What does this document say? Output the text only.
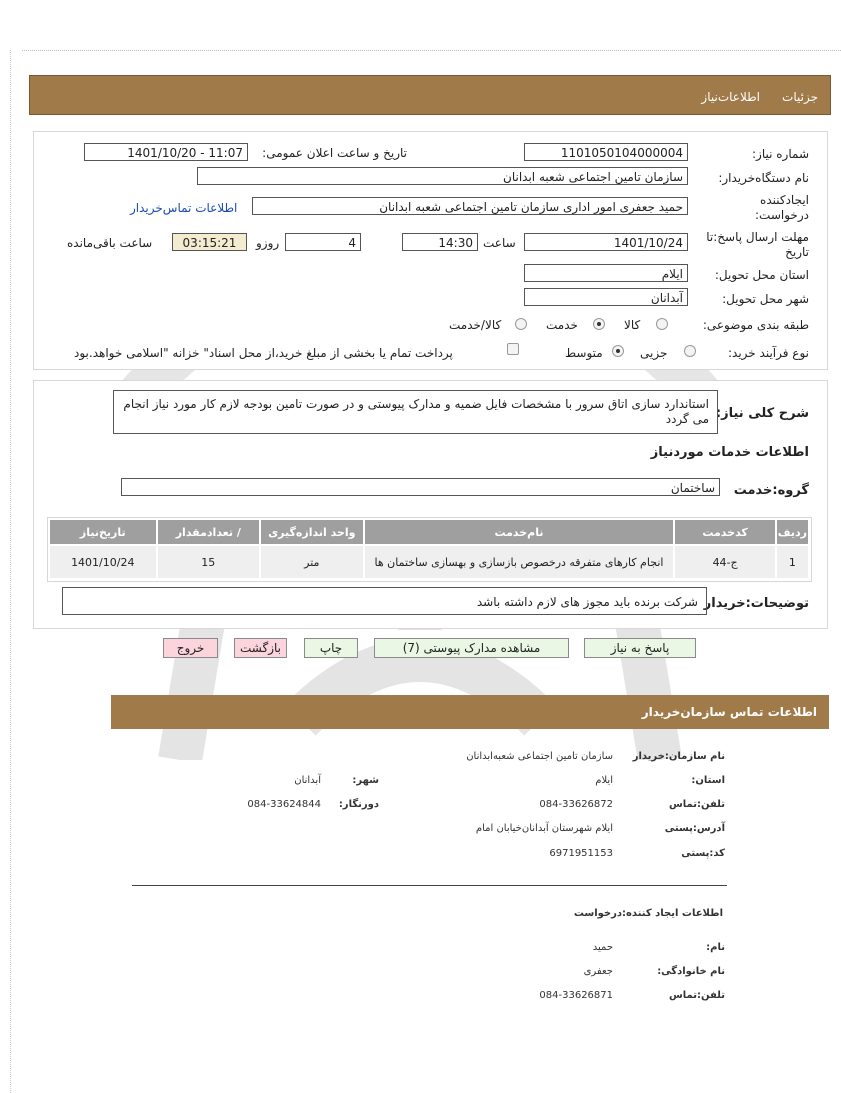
جزئیات
اطلاعات‌نیاز
شماره نیاز:
1101050104000004
تاریخ و ساعت اعلان عمومی:
1401/10/20 - 11:07
نام دستگاه‌خریدار:
سازمان تامین اجتماعی شعبه ابدانان
ایجادکننده
درخواست:
حمید جعفری امور اداری سازمان تامین اجتماعی شعبه ابدانان
اطلاعات تماس‌خریدار
مهلت ارسال پاسخ:تا تاریخ
1401/10/24
ساعت
14:30
4
روزو
03:15:21
ساعت باقی‌مانده
استان محل تحویل:
ایلام
شهر محل تحویل:
آبدانان
طبقه بندی موضوعی:
کالا
خدمت
کالا/خدمت
نوع فرآیند خرید:
جزیی
متوسط
پرداخت تمام یا بخشی از مبلغ خرید،از محل اسناد" خزانه "اسلامی خواهد.بود
شرح کلی نیاز:
استاندارد سازی اتاق سرور با مشخصات فایل ضمیه و مدارک پیوستی و در صورت تامین بودجه لازم کار مورد نیاز انجام می گردد
اطلاعات خدمات موردنیاز
گروه:خدمت
ساختمان
ردیف	کدخدمت	نام‌خدمت	واحد اندازه‌گیری	/ تعدادمقدار	تاریخ‌نیاز
1	ج-44	انجام کارهای متفرقه درخصوص بازسازی و بهسازی ساختمان ها	متر	15	1401/10/24
توضیحات:خریدار
شرکت برنده باید مجوز های لازم داشته باشد
پاسخ به نیاز
مشاهده مدارک پیوستی (7)
چاپ
بازگشت
خروج
اطلاعات تماس سازمان‌خریدار
نام سازمان:خریدار
سازمان تامین اجتماعی شعبه‌ابدانان
استان:
ایلام
شهر:
آبدانان
تلفن:تماس
084-33626872
دورنگار:
084-33624844
آدرس:پستی
ایلام شهرستان آبدانان‌خیابان امام
کد:پستی
6971951153
اطلاعات ایجاد کننده:درخواست
نام:
حمید
نام خانوادگی:
جعفری
تلفن:تماس
084-33626871
